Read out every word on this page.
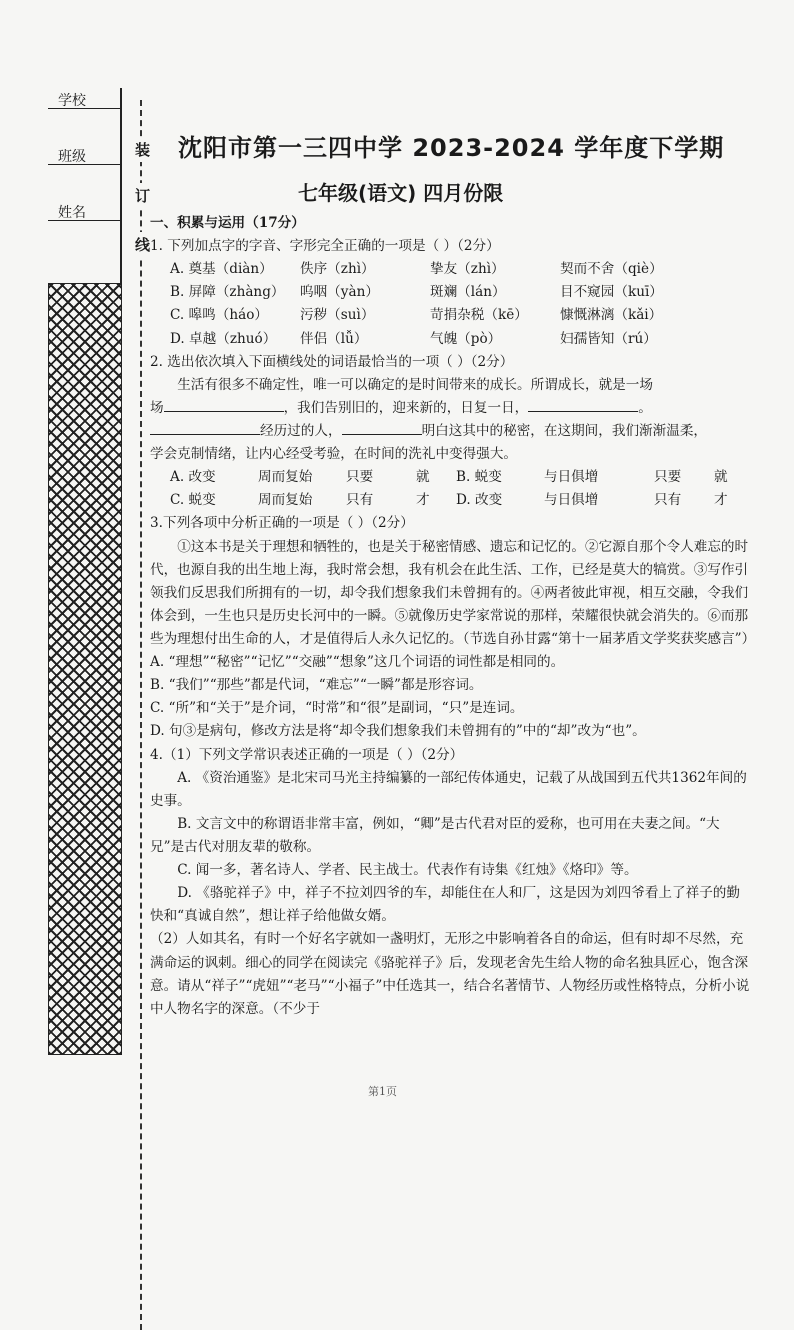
学校
班级
姓名
装
订
线
沈阳市第一三四中学 2023-2024 学年度下学期
七年级(语文) 四月份限

一、积累与运用（17分）

1. 下列加点字的字音、字形完全正确的一项是（ ）（2分）

A. 奠基（diàn）	佚序（zhì）	挚友（zhì）	契而不舍（qiè）
B. 屏障（zhàng）	呜咽（yàn）	斑斓（lán）	目不窥园（kuī）
C. 嗥鸣（háo）	污秽（suì）	苛捐杂税（kē）	慷慨淋漓（kǎi）
D. 卓越（zhuó）	伴侣（lǚ）	气魄（pò）	妇孺皆知（rú）

2. 选出依次填入下面横线处的词语最恰当的一项（ ）（2分）

生活有很多不确定性，唯一可以确定的是时间带来的成长。所谓成长，就是一场

场	，我们告别旧的，迎来新的，日复一日，	。

经历过的人，	明白这其中的秘密，在这期间，我们渐渐温柔，

学会克制情绪，让内心经受考验，在时间的洗礼中变得强大。

A. 改变	周而复始	只要	就	B. 蜕变	与日俱增	只要	就
C. 蜕变	周而复始	只有	才	D. 改变	与日俱增	只有	才

3.下列各项中分析正确的一项是（ ）（2分）

①这本书是关于理想和牺牲的，也是关于秘密情感、遗忘和记忆的。②它源自那个令人难忘的时代，也源自我的出生地上海，我时常会想，我有机会在此生活、工作，已经是莫大的犒赏。③写作引领我们反思我们所拥有的一切，却令我们想象我们未曾拥有的。④两者彼此审视，相互交融，令我们体会到，一生也只是历史长河中的一瞬。⑤就像历史学家常说的那样，荣耀很快就会消失的。⑥而那些为理想付出生命的人，才是值得后人永久记忆的。（节选自孙甘露“第十一届茅盾文学奖获奖感言”）

A. “理想”“秘密”“记忆”“交融”“想象”这几个词语的词性都是相同的。

B. “我们”“那些”都是代词，“难忘”“一瞬”都是形容词。

C. “所”和“关于”是介词，“时常”和“很”是副词，“只”是连词。

D. 句③是病句，修改方法是将“却令我们想象我们未曾拥有的”中的“却”改为“也”。

4.（1）下列文学常识表述正确的一项是（ ）（2分）

A. 《资治通鉴》是北宋司马光主持编纂的一部纪传体通史，记载了从战国到五代共1362年间的史事。

B. 文言文中的称谓语非常丰富，例如，“卿”是古代君对臣的爱称，也可用在夫妻之间。“大兄”是古代对朋友辈的敬称。

C. 闻一多，著名诗人、学者、民主战士。代表作有诗集《红烛》《烙印》等。

D. 《骆驼祥子》中，祥子不拉刘四爷的车，却能住在人和厂，这是因为刘四爷看上了祥子的勤快和“真诚自然”，想让祥子给他做女婿。

（2）人如其名，有时一个好名字就如一盏明灯，无形之中影响着各自的命运，但有时却不尽然，充满命运的讽刺。细心的同学在阅读完《骆驼祥子》后，发现老舍先生给人物的命名独具匠心，饱含深意。请从“祥子”“虎妞”“老马”“小福子”中任选其一，结合名著情节、人物经历或性格特点，分析小说中人物名字的深意。（不少于

第1页
